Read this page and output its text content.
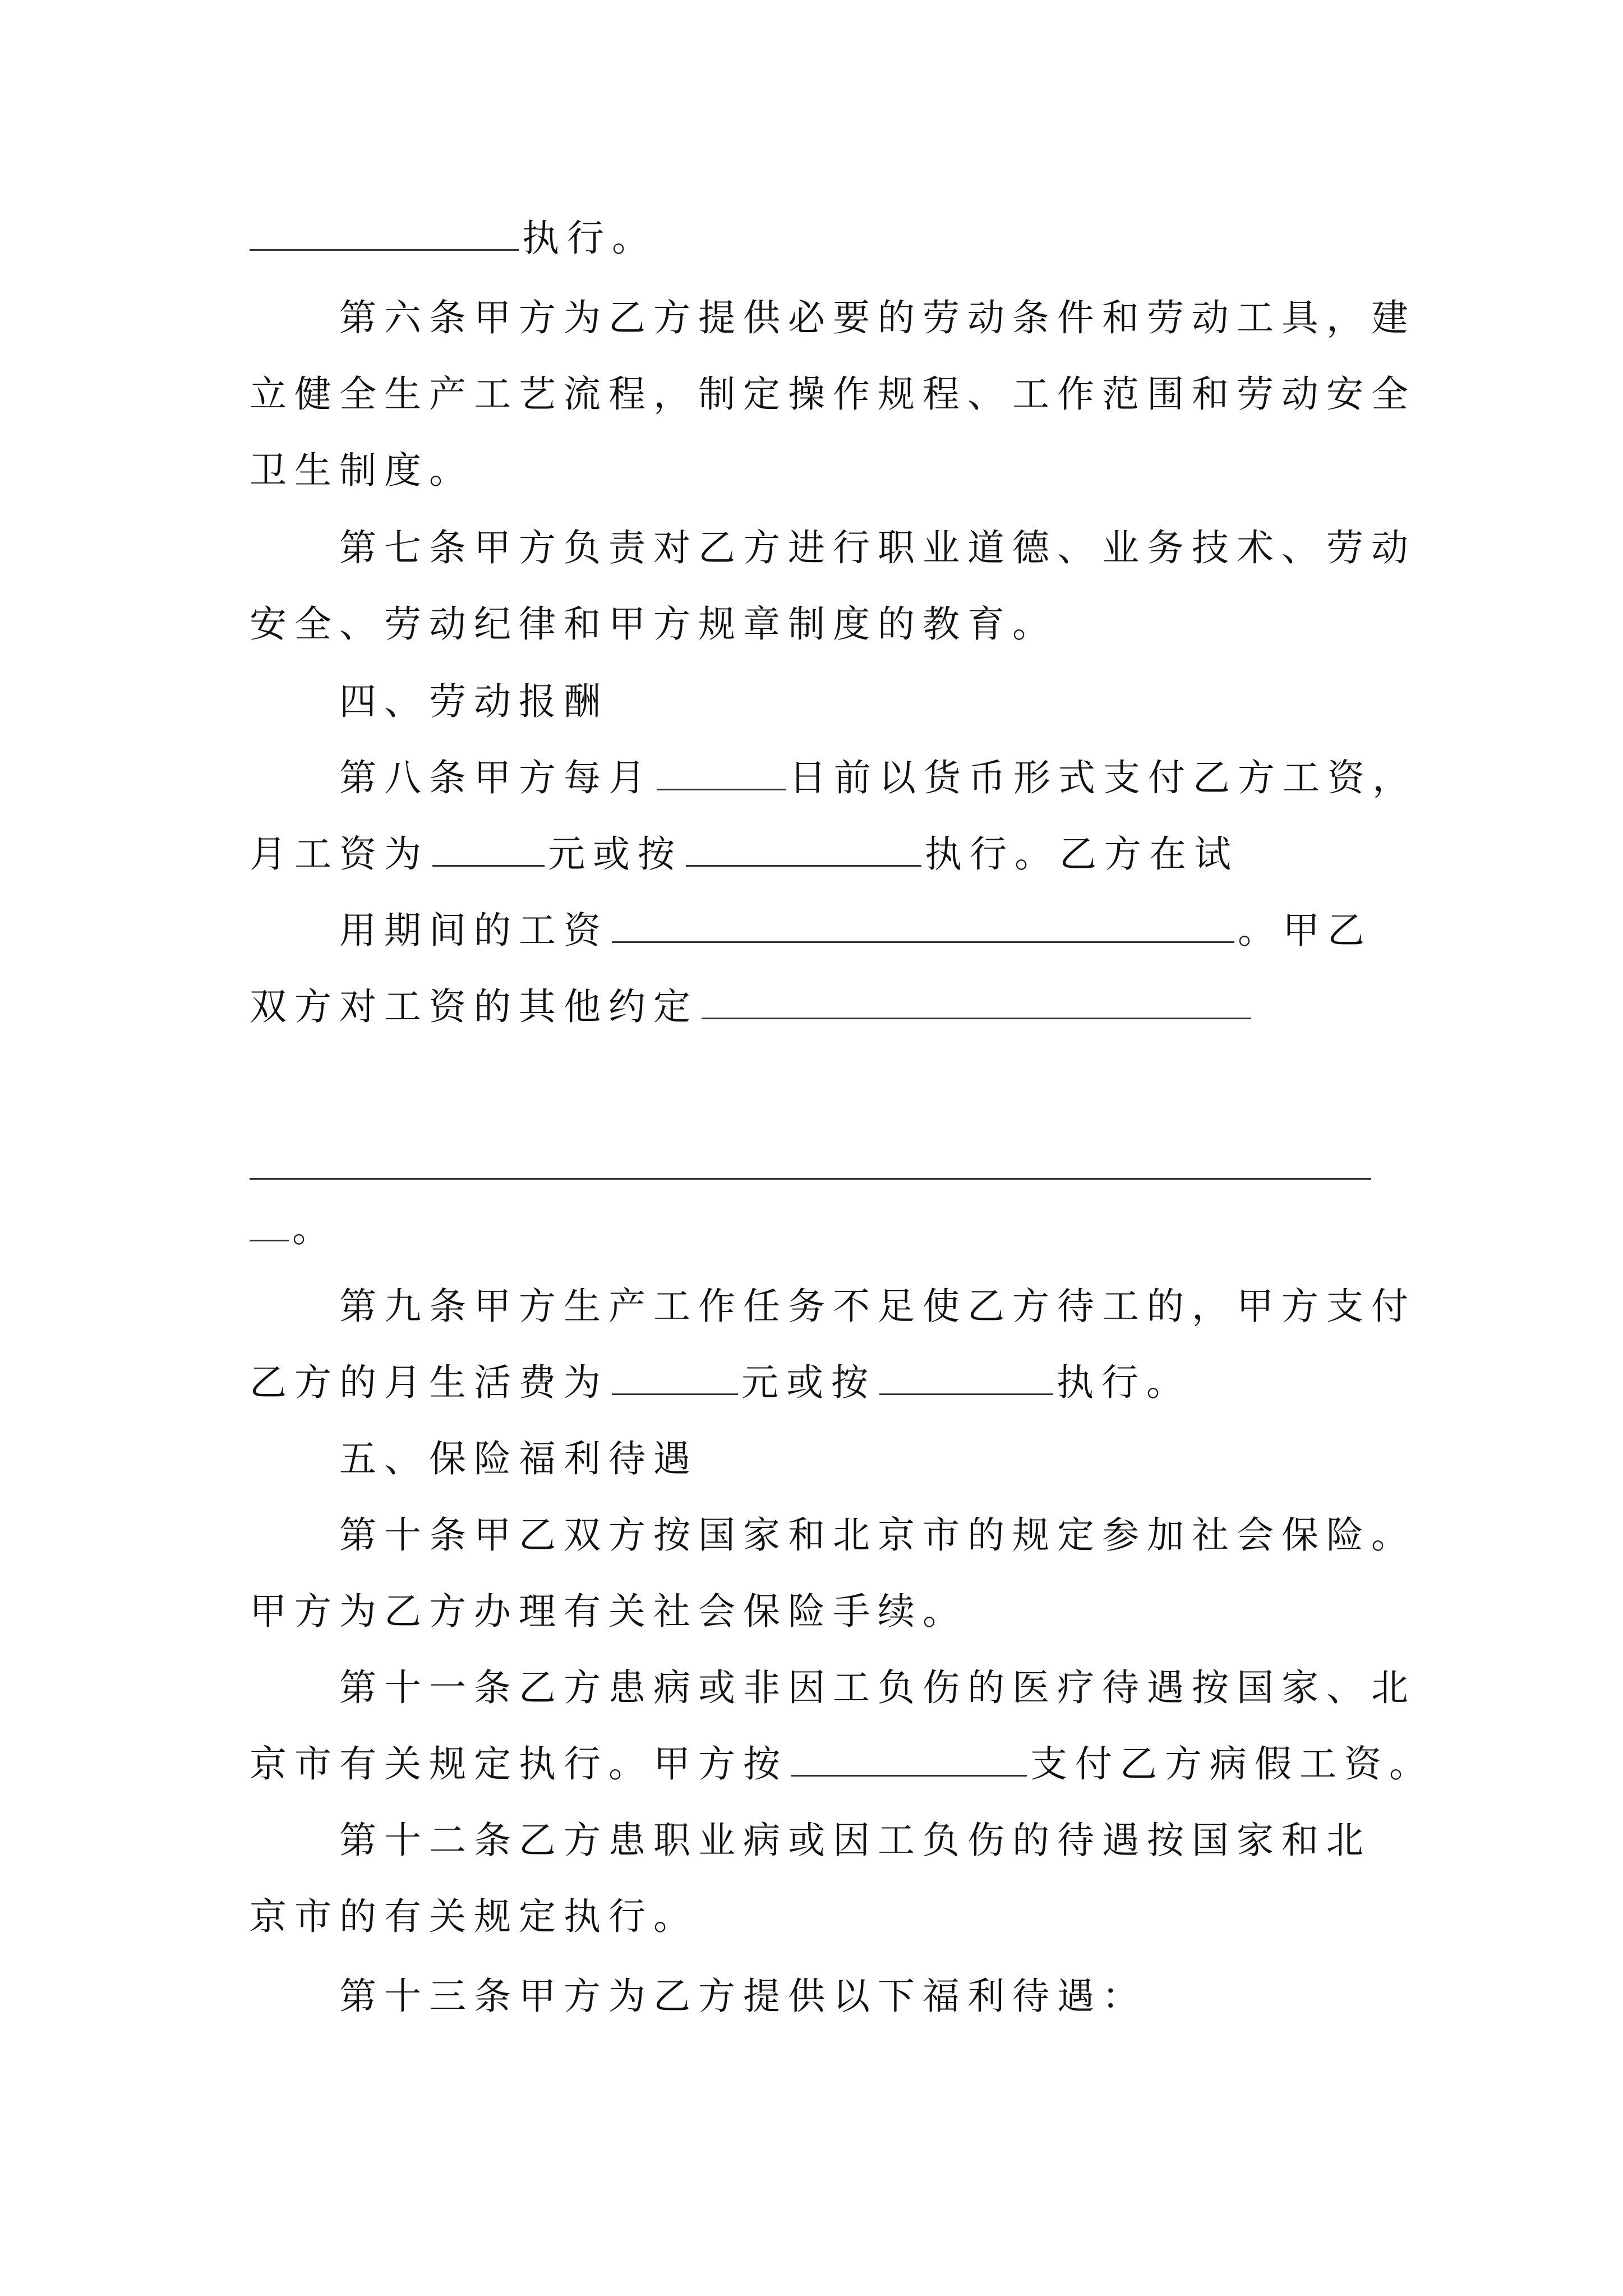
执行。
第六条甲方为乙方提供必要的劳动条件和劳动工具，建
立健全生产工艺流程，制定操作规程、工作范围和劳动安全
卫生制度。
第七条甲方负责对乙方进行职业道德、业务技术、劳动
安全、劳动纪律和甲方规章制度的教育。
四、劳动报酬
第八条甲方每月	日前以货币形式支付乙方工资，
月工资为	元或按	执行。乙方在试
用期间的工资	。甲乙
双方对工资的其他约定
。
第九条甲方生产工作任务不足使乙方待工的，甲方支付
乙方的月生活费为	元或按	执行。
五、保险福利待遇
第十条甲乙双方按国家和北京市的规定参加社会保险。
甲方为乙方办理有关社会保险手续。
第十一条乙方患病或非因工负伤的医疗待遇按国家、北
京市有关规定执行。甲方按	支付乙方病假工资。
第十二条乙方患职业病或因工负伤的待遇按国家和北
京市的有关规定执行。
第十三条甲方为乙方提供以下福利待遇：
